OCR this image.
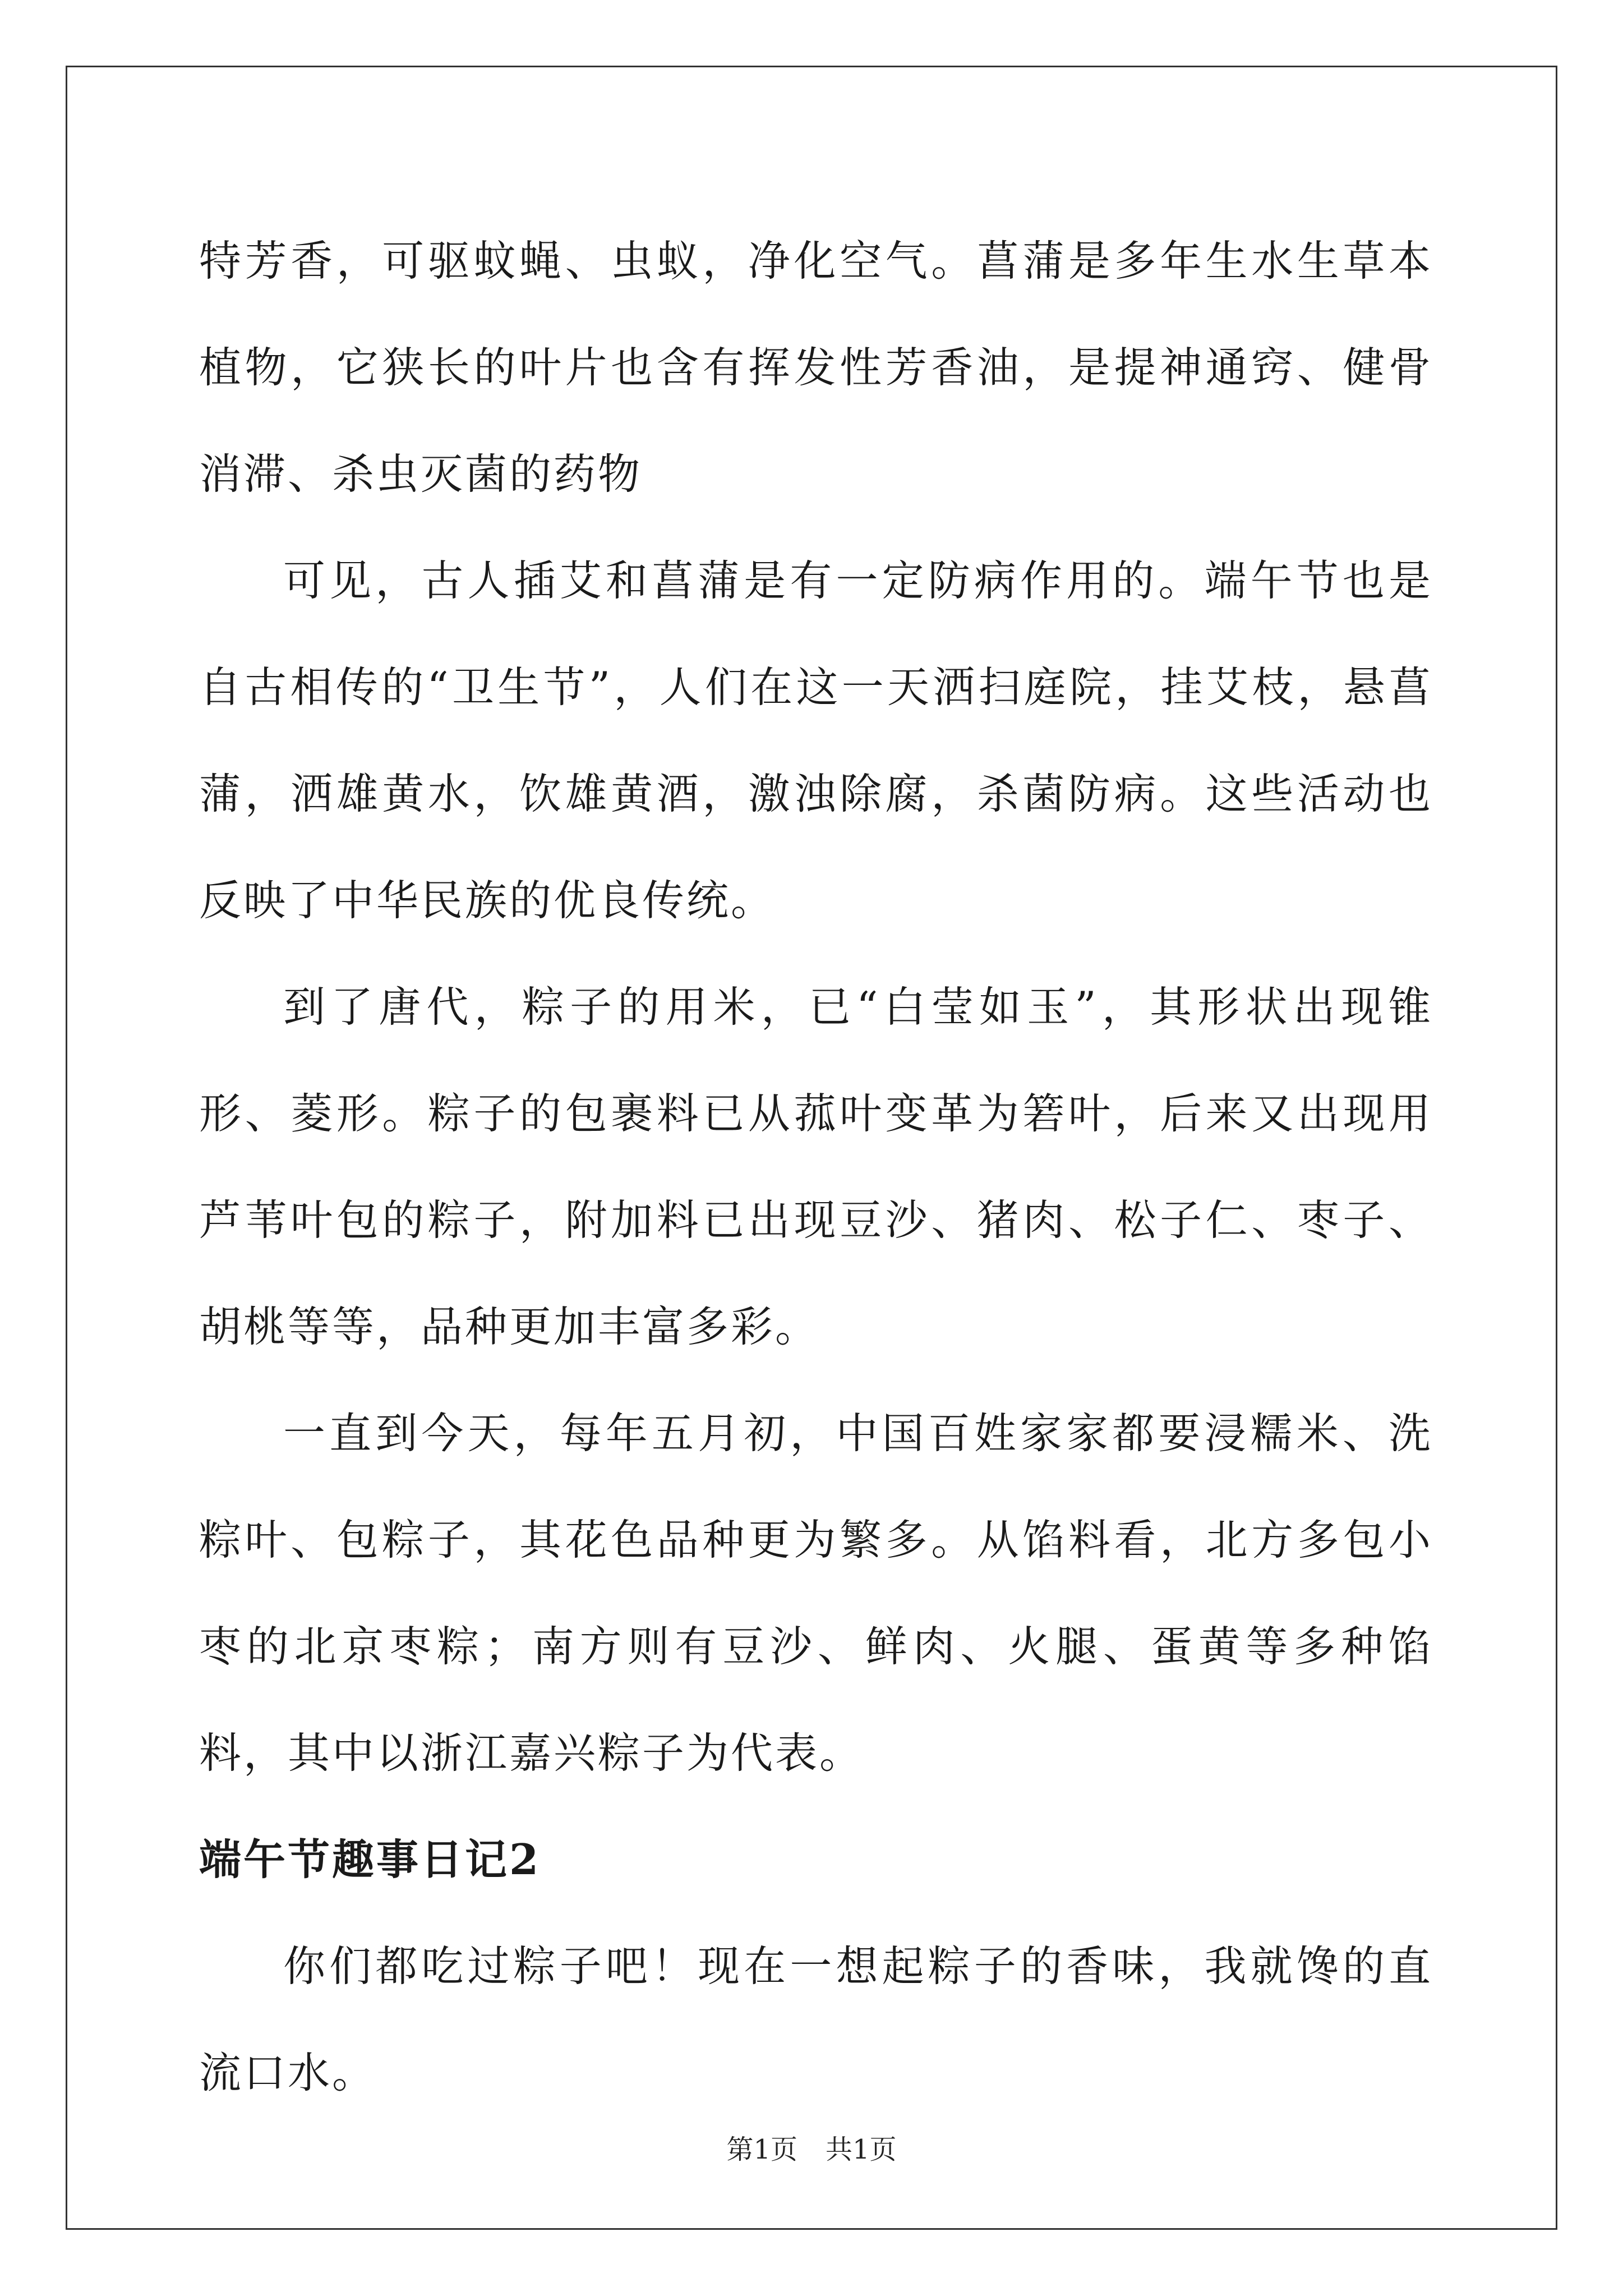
特芳香，可驱蚊蝇、虫蚁，净化空气。菖蒲是多年生水生草本植物，它狭长的叶片也含有挥发性芳香油，是提神通窍、健骨消滞、杀虫灭菌的药物

可见，古人插艾和菖蒲是有一定防病作用的。端午节也是自古相传的“卫生节”，人们在这一天洒扫庭院，挂艾枝，悬菖蒲，洒雄黄水，饮雄黄酒，激浊除腐，杀菌防病。这些活动也反映了中华民族的优良传统。

到了唐代，粽子的用米，已“白莹如玉”，其形状出现锥形、菱形。粽子的包裹料已从菰叶变革为箬叶，后来又出现用芦苇叶包的粽子，附加料已出现豆沙、猪肉、松子仁、枣子、胡桃等等，品种更加丰富多彩。

一直到今天，每年五月初，中国百姓家家都要浸糯米、洗粽叶、包粽子，其花色品种更为繁多。从馅料看，北方多包小枣的北京枣粽；南方则有豆沙、鲜肉、火腿、蛋黄等多种馅料，其中以浙江嘉兴粽子为代表。

端午节趣事日记2

你们都吃过粽子吧！现在一想起粽子的香味，我就馋的直流口水。

第1页 共1页
